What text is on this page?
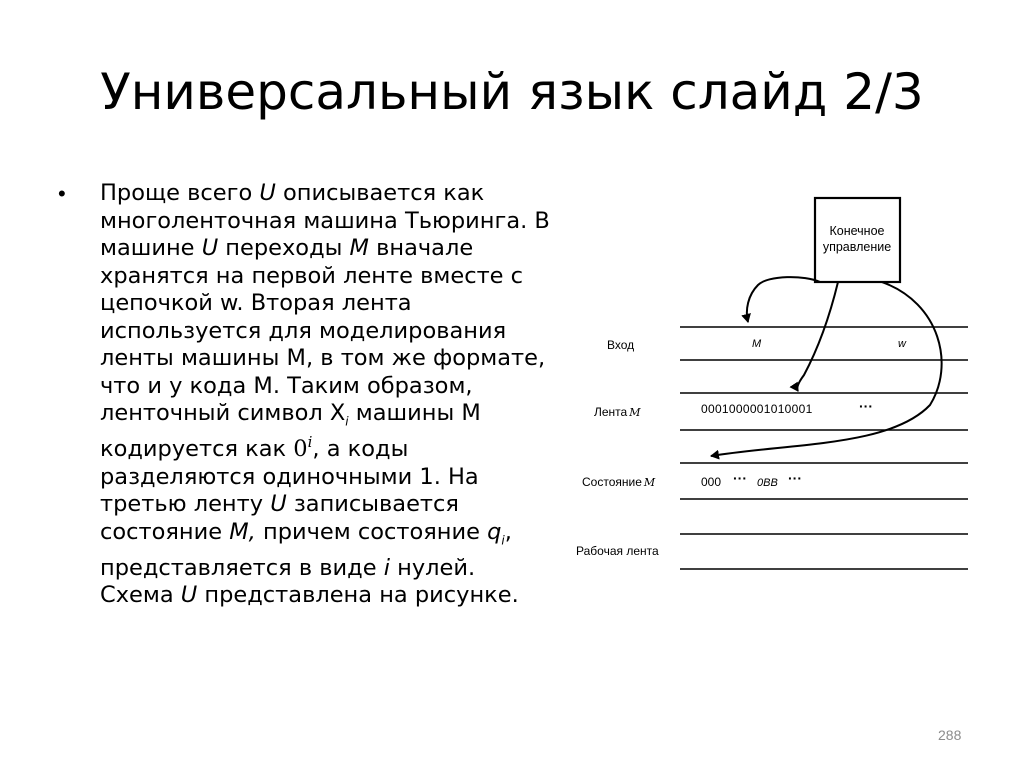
Универсальный язык слайд 2/3
• Проще всего U описывается как многоленточная машина Тьюринга. В машине U переходы M вначале хранятся на первой ленте вместе с цепочкой w. Вторая лента используется для моделирования ленты машины М, в том же формате, что и у кода М. Таким образом, ленточный символ $X_i$ машины М кодируется как 0$^i$, а коды разделяются одиночными 1. На третью ленту U записывается состояние M, причем состояние $q_i$, представляется в виде i нулей. Схема U представлена на рисунке.
Конечное
управление
Вход
Лента M
Состояние M
Рабочая лента
M	w
0001000001010001	···
000 ··· 0BB ···
288
